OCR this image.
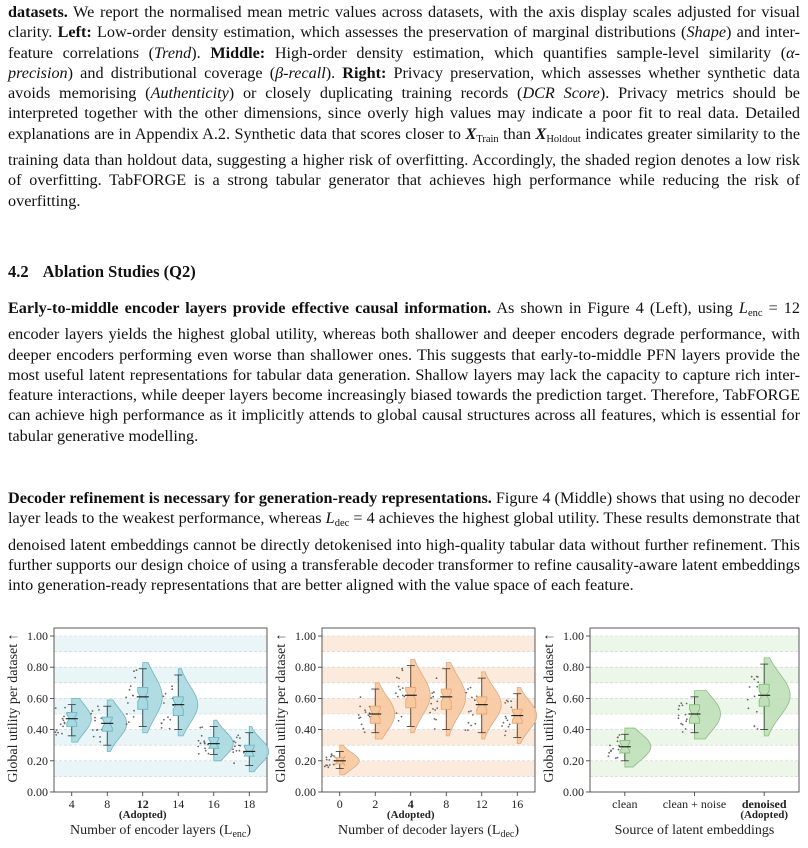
datasets. We report the normalised mean metric values across datasets, with the axis display scales adjusted for visual clarity. Left: Low-order density estimation, which assesses the preservation of marginal distributions (Shape) and inter-feature correlations (Trend). Middle: High-order density estimation, which quantifies sample-level similarity (α-precision) and distributional coverage (β-recall). Right: Privacy preservation, which assesses whether synthetic data avoids memorising (Authenticity) or closely duplicating training records (DCR Score). Privacy metrics should be interpreted together with the other dimensions, since overly high values may indicate a poor fit to real data. Detailed explanations are in Appendix A.2. Synthetic data that scores closer to $X_{Train}$ than $X_{Holdout}$ indicates greater similarity to the training data than holdout data, suggesting a higher risk of overfitting. Accordingly, the shaded region denotes a low risk of overfitting. TabFORGE is a strong tabular generator that achieves high performance while reducing the risk of overfitting.

4.2 Ablation Studies (Q2)

Early-to-middle encoder layers provide effective causal information. As shown in Figure 4 (Left), using $L_{enc} = 12$ encoder layers yields the highest global utility, whereas both shallower and deeper encoders degrade performance, with deeper encoders performing even worse than shallower ones. This suggests that early-to-middle PFN layers provide the most useful latent representations for tabular data generation. Shallow layers may lack the capacity to capture rich inter-feature interactions, while deeper layers become increasingly biased towards the prediction target. Therefore, TabFORGE can achieve high performance as it implicitly attends to global causal structures across all features, which is essential for tabular generative modelling.

Decoder refinement is necessary for generation-ready representations. Figure 4 (Middle) shows that using no decoder layer leads to the weakest performance, whereas $L_{dec} = 4$ achieves the highest global utility. These results demonstrate that denoised latent embeddings cannot be directly detokenised into high-quality tabular data without further refinement. This further supports our design choice of using a transferable decoder transformer to refine causality-aware latent embeddings into generation-ready representations that are better aligned with the value space of each feature.

0.00
0.20
0.40
0.60
0.80
1.00
Global utility per dataset ↑
4 8 12
(Adopted)
14 16 18
Number of encoder layers $(L_{enc})$
0.00
0.20
0.40
0.60
0.80
1.00
Global utility per dataset ↑
0 2 4
(Adopted)
8 12 16
Number of decoder layers $(L_{dec})$
0.00
0.20
0.40
0.60
0.80
1.00
Global utility per dataset ↑
clean clean + noise denoised
(Adopted)
Source of latent embeddings
